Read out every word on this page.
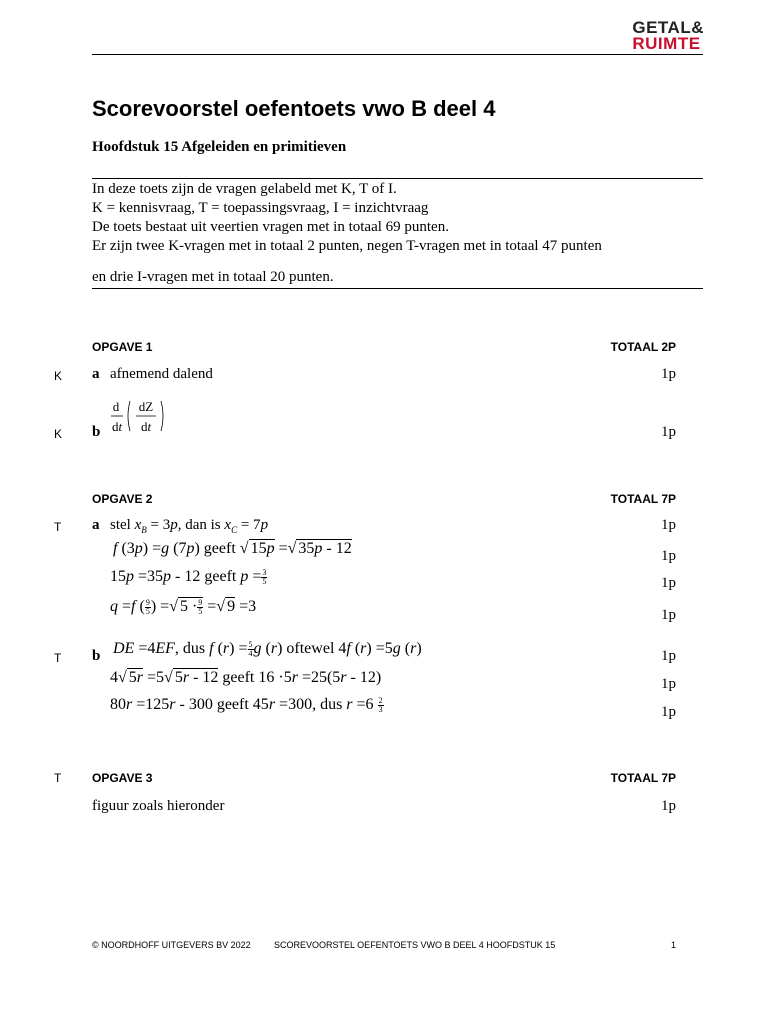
GETAL&
RUIMTE
Scorevoorstel oefentoets vwo B deel 4
Hoofdstuk 15 Afgeleiden en primitieven
In deze toets zijn de vragen gelabeld met K, T of I.
K = kennisvraag, T = toepassingsvraag, I = inzichtvraag
De toets bestaat uit veertien vragen met in totaal 69 punten.
Er zijn twee K-vragen met in totaal 2 punten, negen T-vragen met in totaal 47 punten
en drie I-vragen met in totaal 20 punten.
OPGAVE 1	TOTAAL 2P
K a afnemend dalend	1p
K b
d
dt
dZ
dt	1p
OPGAVE 2	TOTAAL 7P
T a stel $x_B = 3p$, dan is $x_C = 7p$	1p
f (3p) =g (7p) geeft √ 15p =√ 35p - 12	1p
15p =35p - 12 geeft $p = \frac{3}{5}$	1p
q =f ( $\frac{9}{5}$ ) =√ $5 \cdot \frac{9}{5}$ =√ 9 =3	1p
T b DE =4EF, dus f $(r) = \frac{5}{4}$ g (r) oftewel 4f (r) =5g (r)	1p
4√ 5r =5√ 5r - 12 geeft 16 ·5r =25(5r - 12)	1p
80r =125r - 300 geeft 45r =300, dus $r =6 \frac{2}{3}$	1p
T	OPGAVE 3	TOTAAL 7P
figuur zoals hieronder	1p
© NOORDHOFF UITGEVERS BV 2022	SCOREVOORSTEL OEFENTOETS VWO B DEEL 4 HOOFDSTUK 15	1
